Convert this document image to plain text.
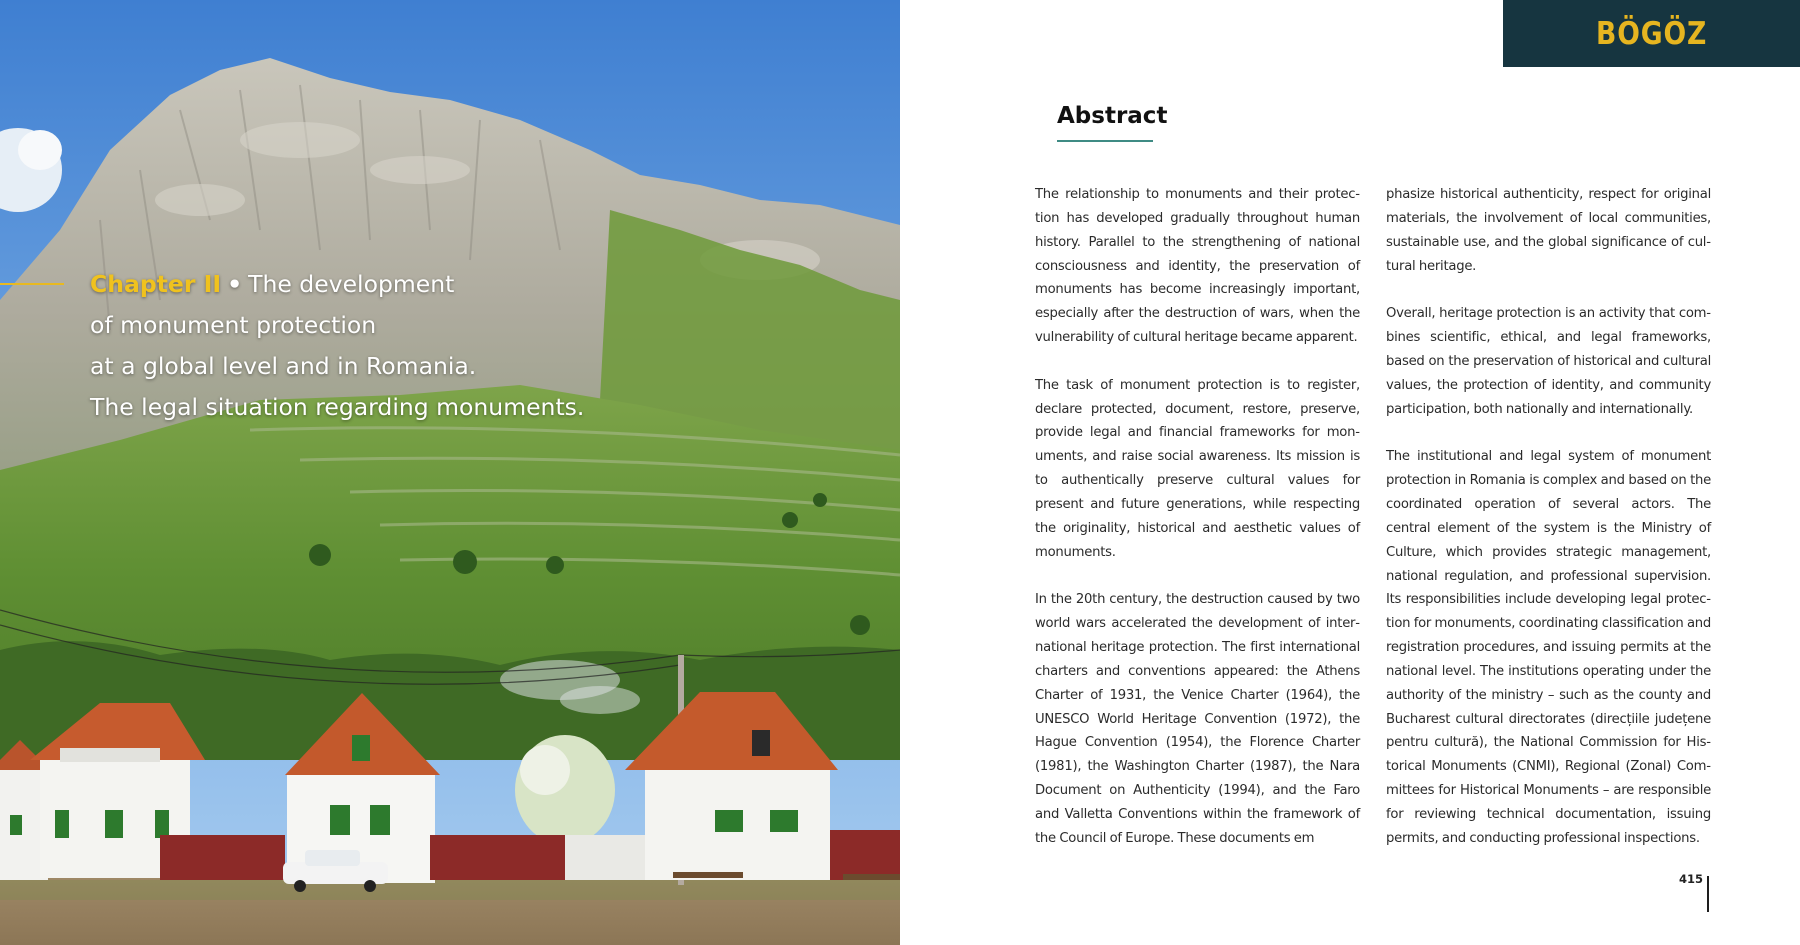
Chapter II • The development
of monument protection
at a global level and in Romania.
The legal situation regarding monuments.
BÖGÖZ
Abstract

The relationship to monuments and their protection has developed gradually throughout human history. Parallel to the strengthening of national consciousness and identity, the preservation of monuments has become increasingly important, especially after the destruction of wars, when the vulnerability of cultural heritage became apparent.

The task of monument protection is to register, declare protected, document, restore, preserve, provide legal and financial frameworks for monuments, and raise social awareness. Its mission is to authentically preserve cultural values for present and future generations, while respecting the originality, historical and aesthetic values of monuments.

In the 20th century, the destruction caused by two world wars accelerated the development of international heritage protection. The first international charters and conventions appeared: the Athens Charter of 1931, the Venice Charter (1964), the UNESCO World Heritage Convention (1972), the Hague Convention (1954), the Florence Charter (1981), the Washington Charter (1987), the Nara Document on Authenticity (1994), and the Faro and Valletta Conventions within the framework of the Council of Europe. These documents em

phasize historical authenticity, respect for original materials, the involvement of local communities, sustainable use, and the global significance of cultural heritage.

Overall, heritage protection is an activity that combines scientific, ethical, and legal frameworks, based on the preservation of historical and cultural values, the protection of identity, and community participation, both nationally and internationally.

The institutional and legal system of monument protection in Romania is complex and based on the coordinated operation of several actors. The central element of the system is the Ministry of Culture, which provides strategic management, national regulation, and professional supervision. Its responsibilities include developing legal protection for monuments, coordinating classification and registration procedures, and issuing permits at the national level. The institutions operating under the authority of the ministry – such as the county and Bucharest cultural directorates (direcțiile județene pentru cultură), the National Commission for Historical Monuments (CNMI), Regional (Zonal) Committees for Historical Monuments – are responsible for reviewing technical documentation, issuing permits, and conducting professional inspections.

415
